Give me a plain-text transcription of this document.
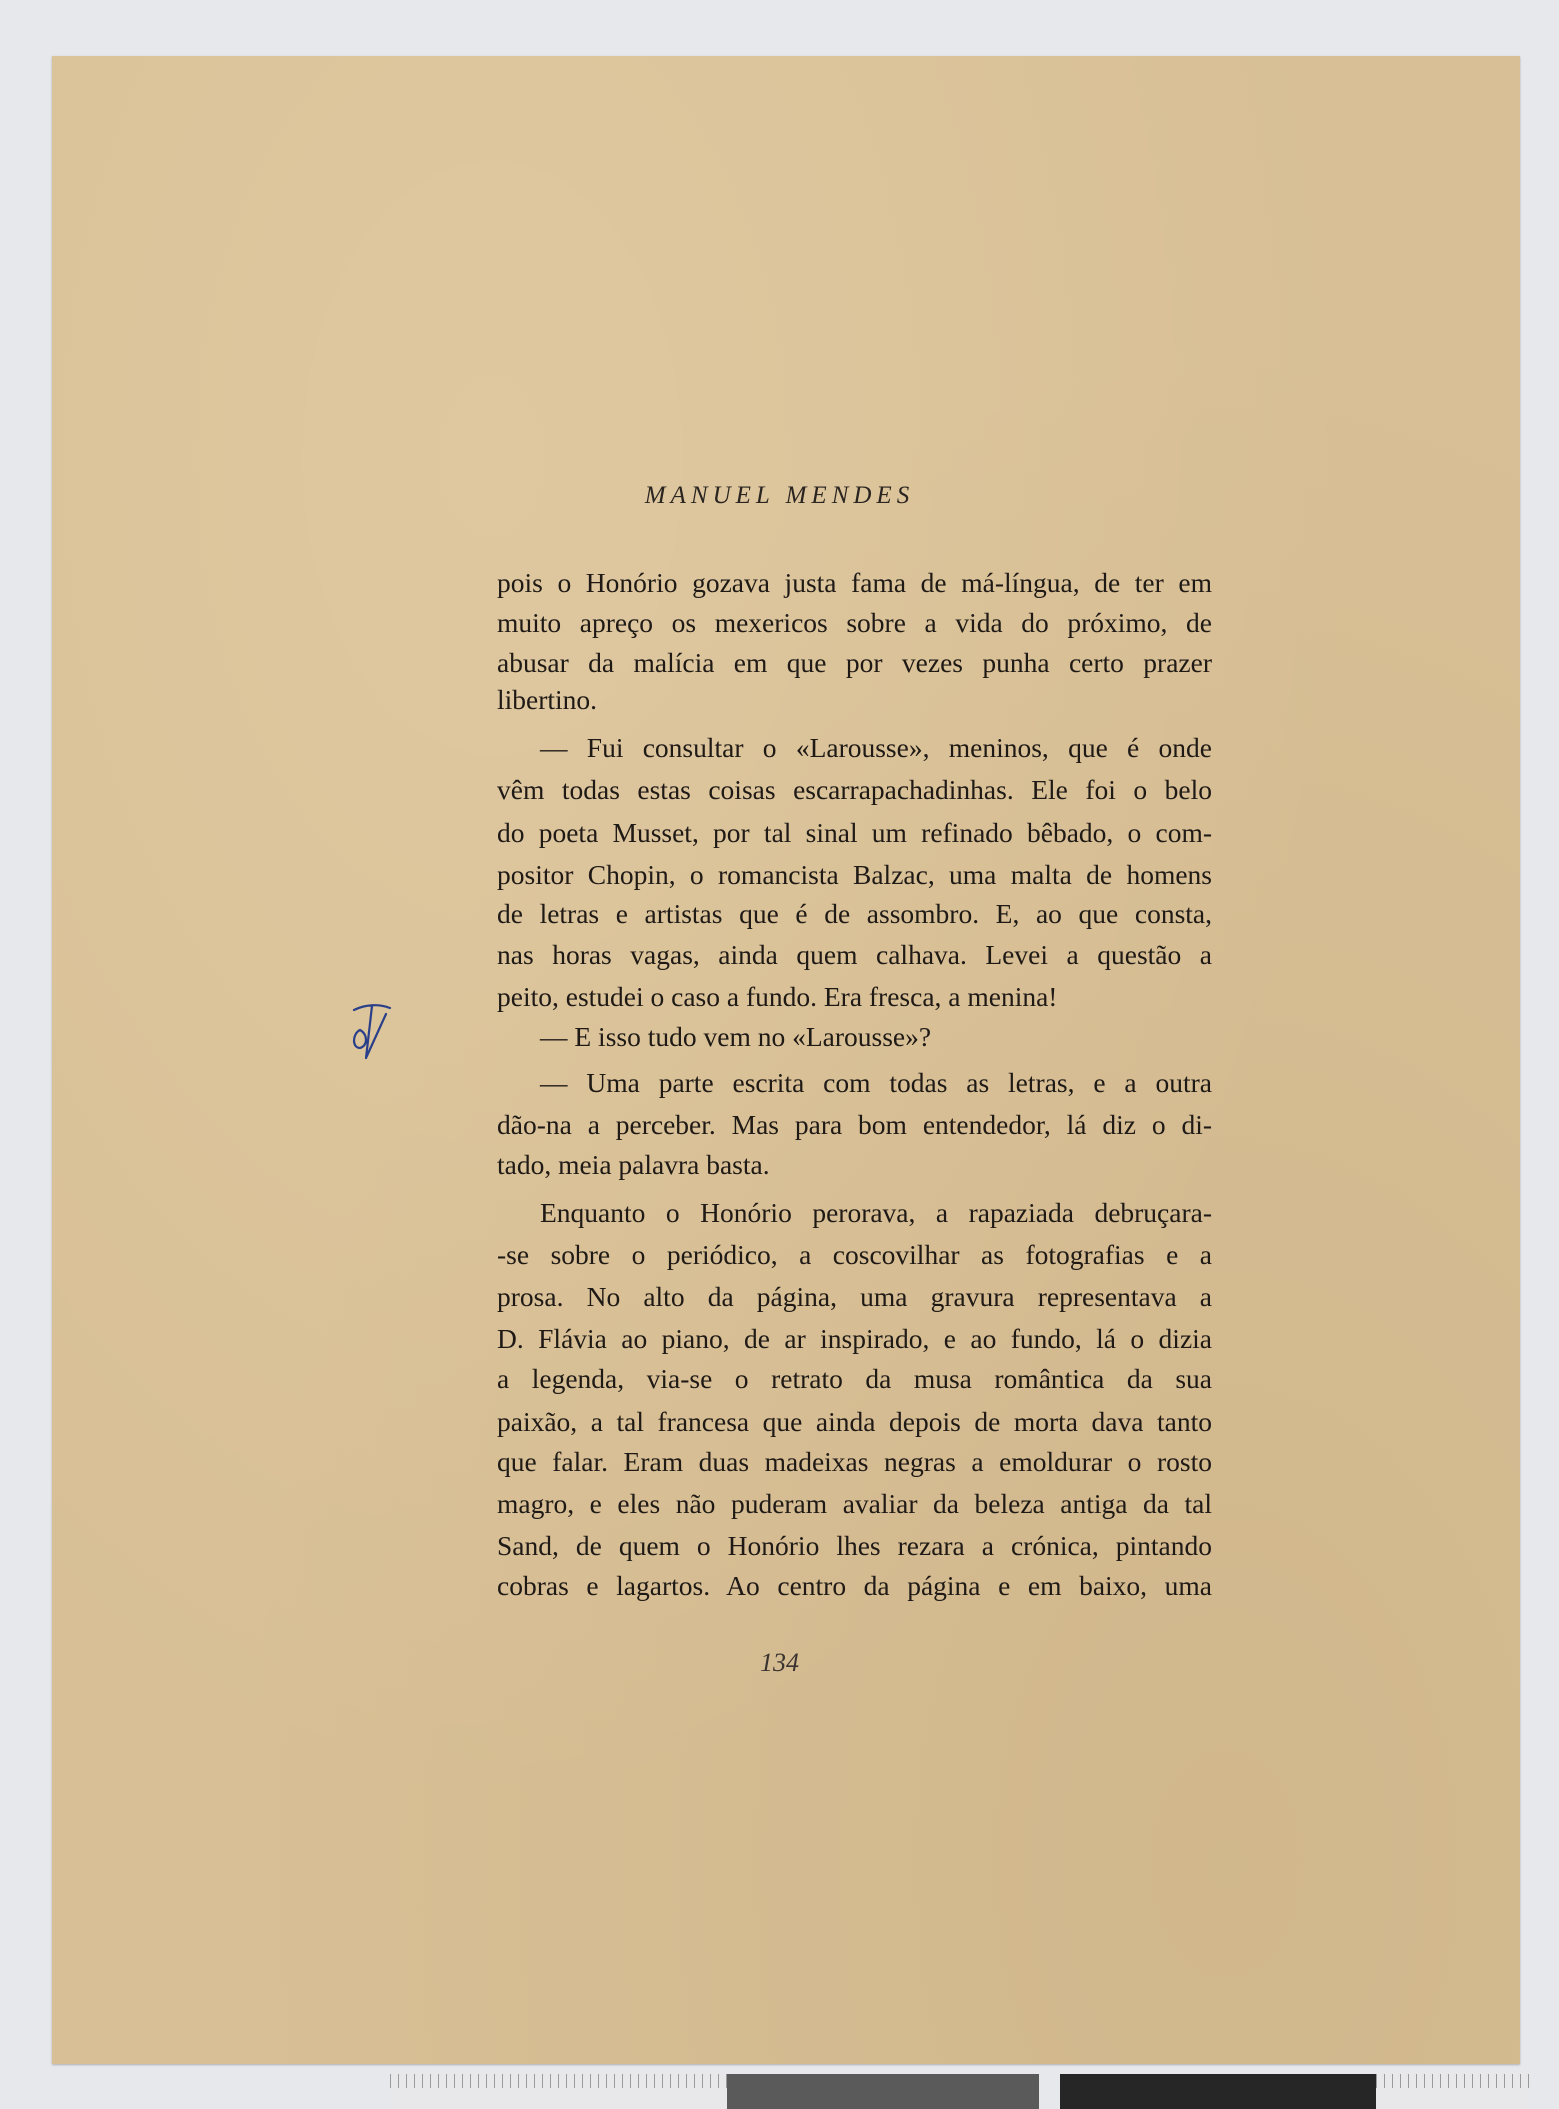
MANUEL MENDES
pois o Honório gozava justa fama de má-língua, de ter em
muito apreço os mexericos sobre a vida do próximo, de
abusar da malícia em que por vezes punha certo prazer
libertino.
— Fui consultar o «Larousse», meninos, que é onde
vêm todas estas coisas escarrapachadinhas. Ele foi o belo
do poeta Musset, por tal sinal um refinado bêbado, o com-
positor Chopin, o romancista Balzac, uma malta de homens
de letras e artistas que é de assombro. E, ao que consta,
nas horas vagas, ainda quem calhava. Levei a questão a
peito, estudei o caso a fundo. Era fresca, a menina!
— E isso tudo vem no «Larousse»?
— Uma parte escrita com todas as letras, e a outra
dão-na a perceber. Mas para bom entendedor, lá diz o di-
tado, meia palavra basta.
Enquanto o Honório perorava, a rapaziada debruçara-
-se sobre o periódico, a coscovilhar as fotografias e a
prosa. No alto da página, uma gravura representava a
D. Flávia ao piano, de ar inspirado, e ao fundo, lá o dizia
a legenda, via-se o retrato da musa romântica da sua
paixão, a tal francesa que ainda depois de morta dava tanto
que falar. Eram duas madeixas negras a emoldurar o rosto
magro, e eles não puderam avaliar da beleza antiga da tal
Sand, de quem o Honório lhes rezara a crónica, pintando
cobras e lagartos. Ao centro da página e em baixo, uma
134
